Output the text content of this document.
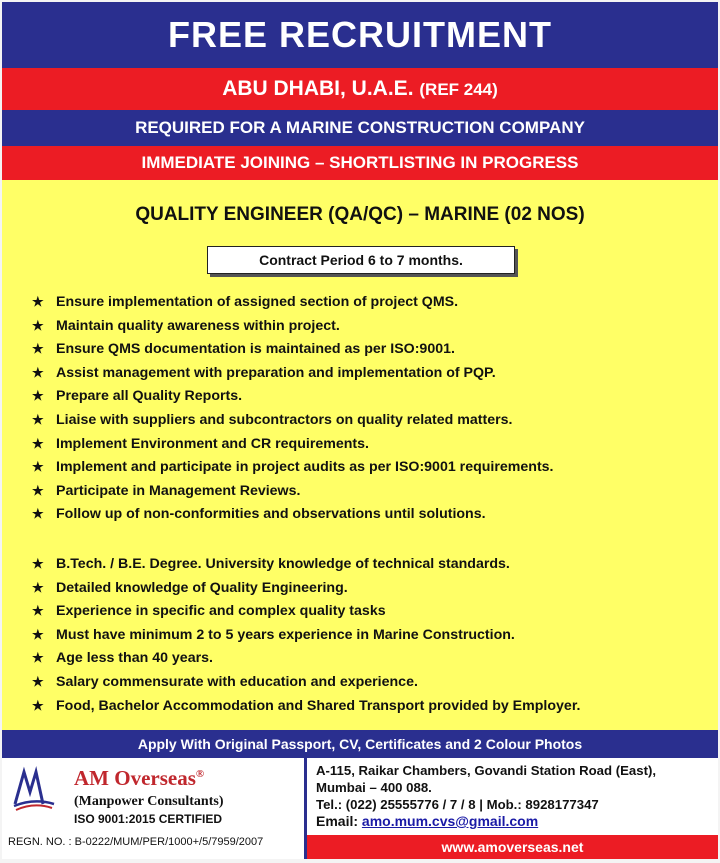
FREE RECRUITMENT
ABU DHABI, U.A.E. (REF 244)
REQUIRED FOR A MARINE CONSTRUCTION COMPANY
IMMEDIATE JOINING – SHORTLISTING IN PROGRESS
QUALITY ENGINEER (QA/QC) – MARINE (02 NOS)
Contract Period 6 to 7 months.
★ Ensure implementation of assigned section of project QMS.
★ Maintain quality awareness within project.
★ Ensure QMS documentation is maintained as per ISO:9001.
★ Assist management with preparation and implementation of PQP.
★ Prepare all Quality Reports.
★ Liaise with suppliers and subcontractors on quality related matters.
★ Implement Environment and CR requirements.
★ Implement and participate in project audits as per ISO:9001 requirements.
★ Participate in Management Reviews.
★ Follow up of non-conformities and observations until solutions.
★ B.Tech. / B.E. Degree. University knowledge of technical standards.
★ Detailed knowledge of Quality Engineering.
★ Experience in specific and complex quality tasks
★ Must have minimum 2 to 5 years experience in Marine Construction.
★ Age less than 40 years.
★ Salary commensurate with education and experience.
★ Food, Bachelor Accommodation and Shared Transport provided by Employer.
Apply With Original Passport, CV, Certificates and 2 Colour Photos
AM Overseas®
(Manpower Consultants)
ISO 9001:2015 CERTIFIED
REGN. NO. : B-0222/MUM/PER/1000+/5/7959/2007
A-115, Raikar Chambers, Govandi Station Road (East),
Mumbai – 400 088.
Tel.: (022) 25555776 / 7 / 8 | Mob.: 8928177347
Email: amo.mum.cvs@gmail.com
www.amoverseas.net
